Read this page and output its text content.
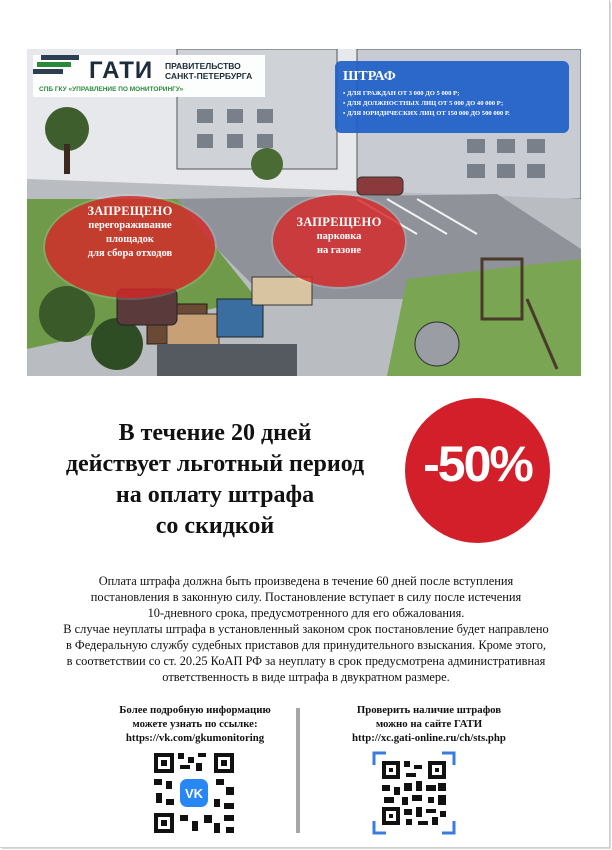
ГАТИ ПРАВИТЕЛЬСТВО
САНКТ-ПЕТЕРБУРГА
СПБ ГКУ «УПРАВЛЕНИЕ ПО МОНИТОРИНГУ»
ШТРАФ
• ДЛЯ ГРАЖДАН ОТ 3 000 ДО 5 000 Р;
• ДЛЯ ДОЛЖНОСТНЫХ ЛИЦ ОТ 5 000 ДО 40 000 Р;
• ДЛЯ ЮРИДИЧЕСКИХ ЛИЦ ОТ 150 000 ДО 500 000 Р.
ЗАПРЕЩЕНО
перегораживание
площадок
для сбора отходов
ЗАПРЕЩЕНО
парковка
на газоне
В течение 20 дней
действует льготный период
на оплату штрафа
со скидкой
-50%
Оплата штрафа должна быть произведена в течение 60 дней после вступления
постановления в законную силу. Постановление вступает в силу после истечения
10-дневного срока, предусмотренного для его обжалования.
В случае неуплаты штрафа в установленный законом срок постановление будет направлено
в Федеральную службу судебных приставов для принудительного взыскания. Кроме этого,
в соответствии со ст. 20.25 КоАП РФ за неуплату в срок предусмотрена административная
ответственность в виде штрафа в двукратном размере.
Более подробную информацию
можете узнать по ссылке:
https://vk.com/gkumonitoring
Проверить наличие штрафов
можно на сайте ГАТИ
http://xc.gati-online.ru/ch/sts.php
VK
